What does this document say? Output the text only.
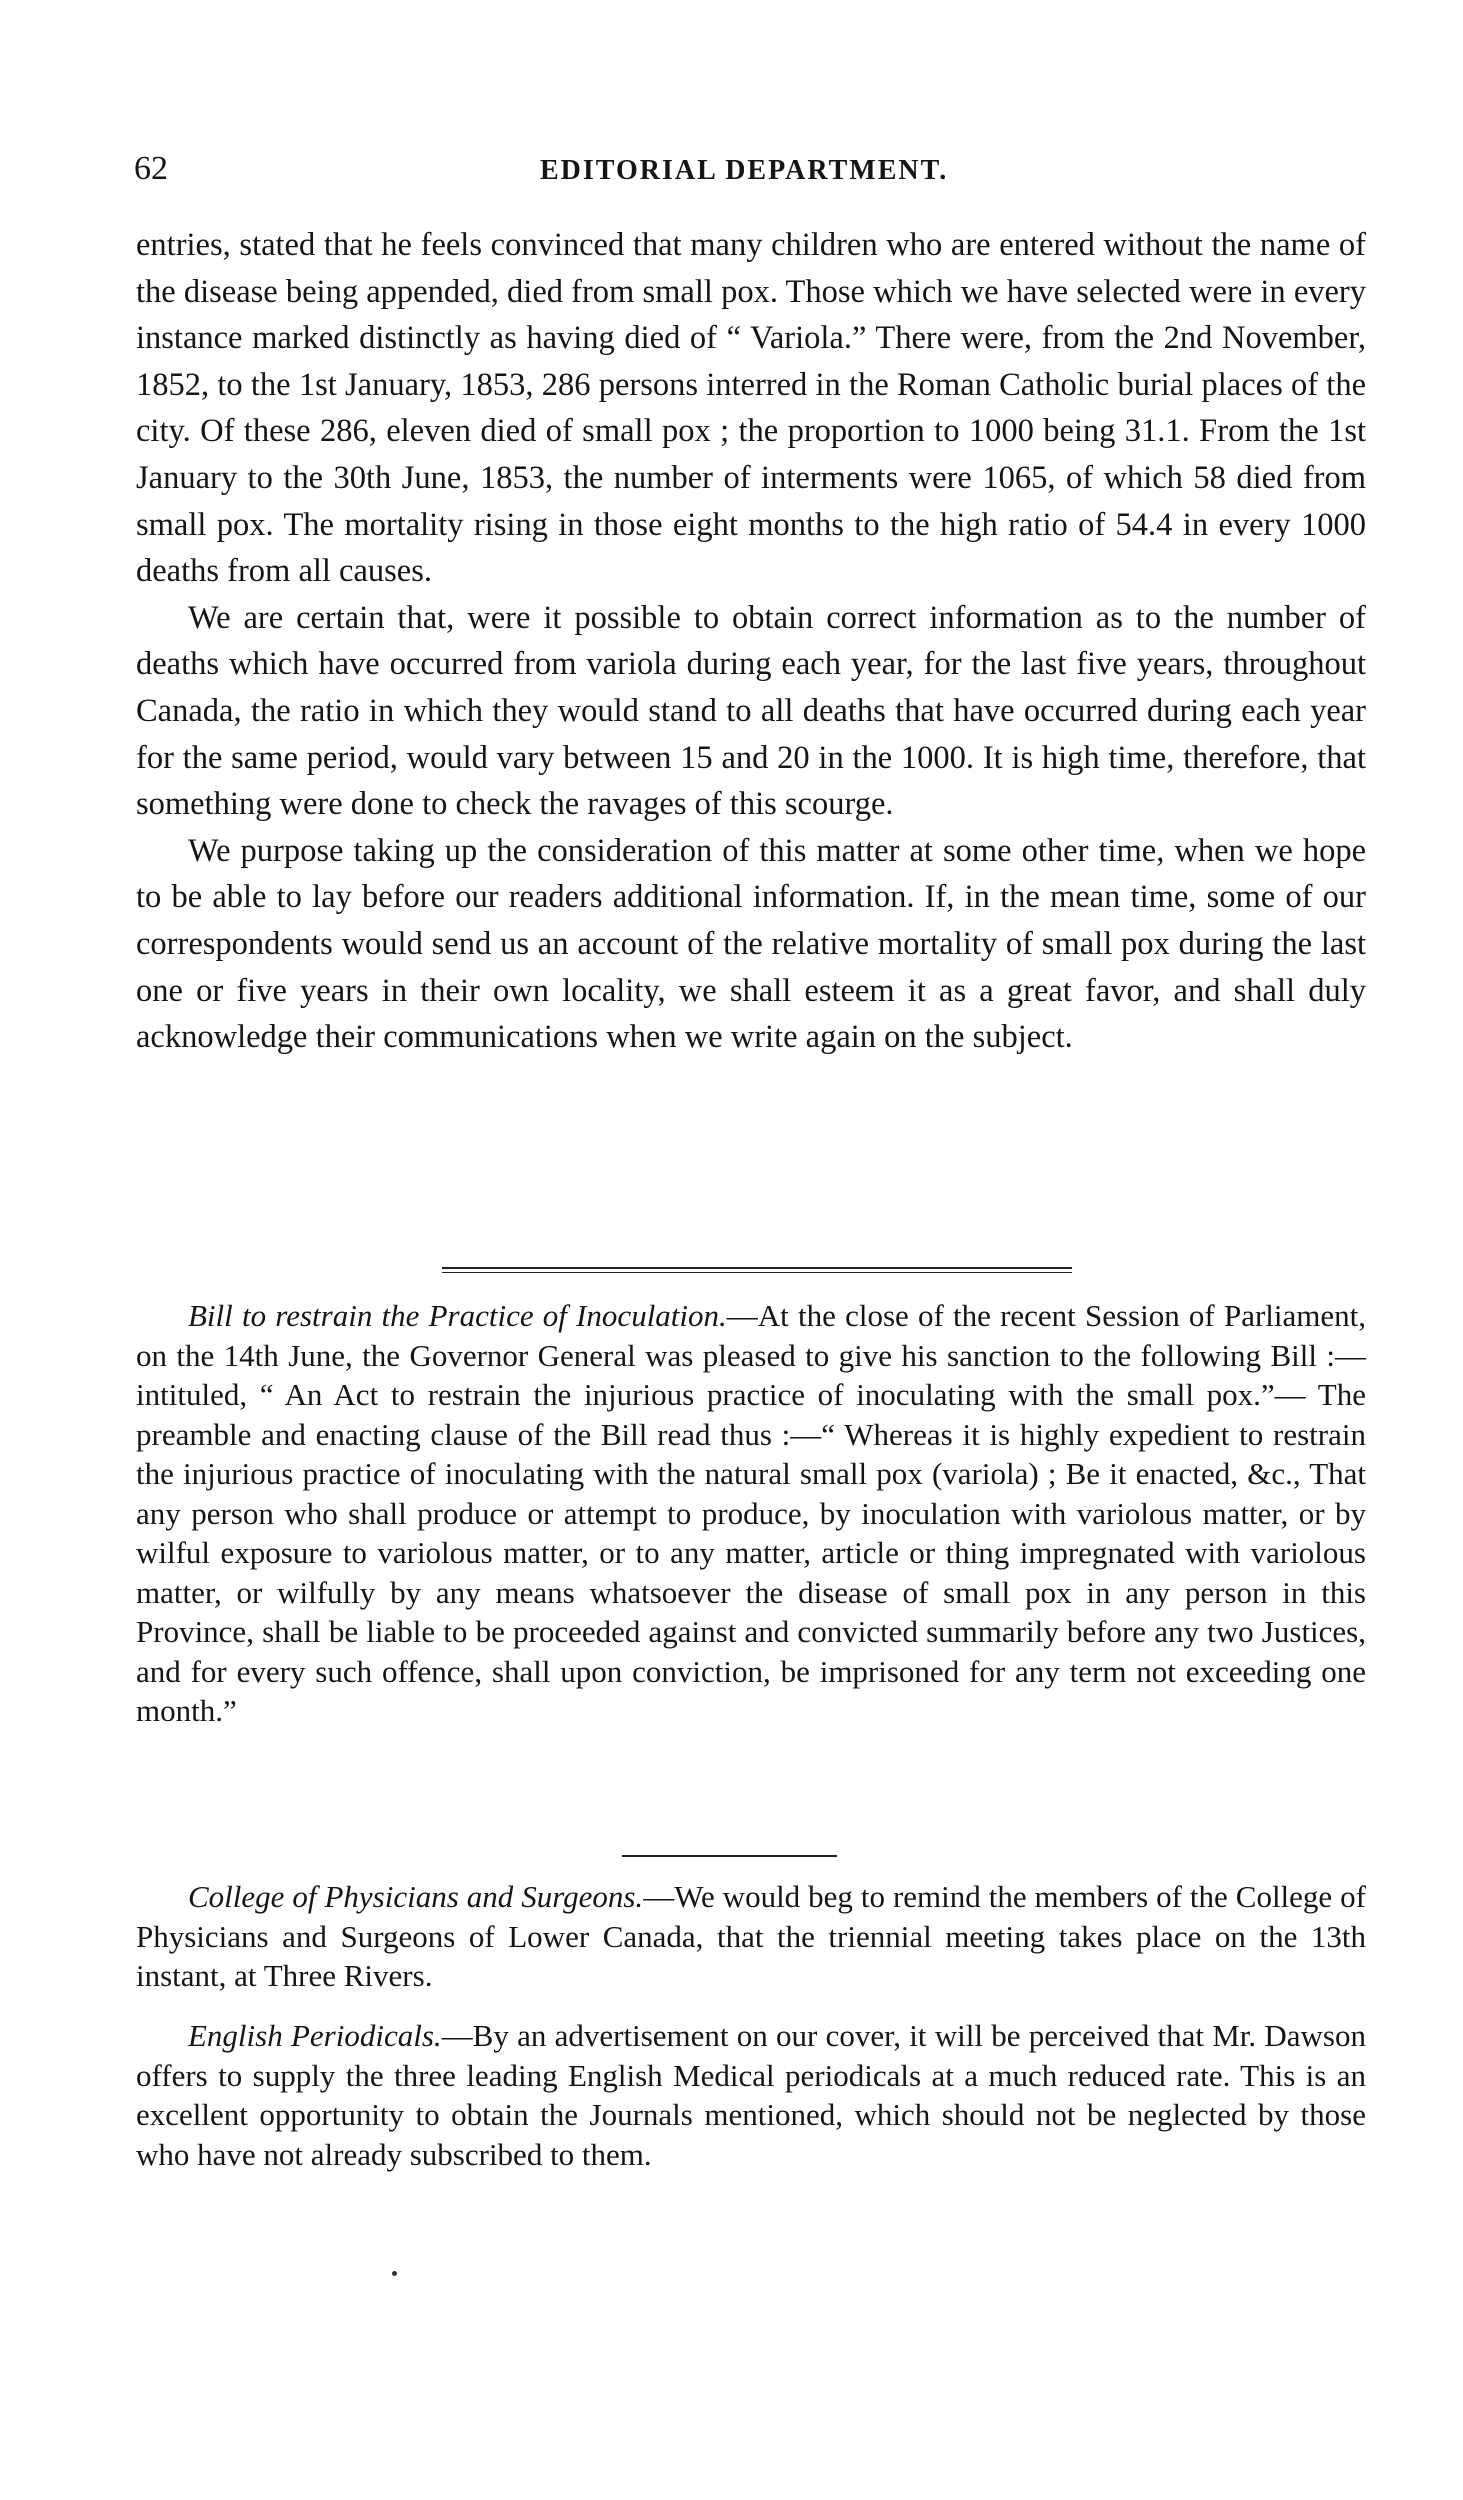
62	EDITORIAL DEPARTMENT.

entries, stated that he feels convinced that many children who are entered without the name of the disease being appended, died from small pox. Those which we have selected were in every instance marked distinctly as having died of “ Variola.” There were, from the 2nd November, 1852, to the 1st January, 1853, 286 persons interred in the Roman Catholic burial places of the city. Of these 286, eleven died of small pox ; the proportion to 1000 being 31.1. From the 1st January to the 30th June, 1853, the number of interments were 1065, of which 58 died from small pox. The mortality rising in those eight months to the high ratio of 54.4 in every 1000 deaths from all causes.

We are certain that, were it possible to obtain correct information as to the number of deaths which have occurred from variola during each year, for the last five years, throughout Canada, the ratio in which they would stand to all deaths that have occurred during each year for the same period, would vary between 15 and 20 in the 1000. It is high time, therefore, that something were done to check the ravages of this scourge.

We purpose taking up the consideration of this matter at some other time, when we hope to be able to lay before our readers additional information. If, in the mean time, some of our correspondents would send us an account of the relative mortality of small pox during the last one or five years in their own locality, we shall esteem it as a great favor, and shall duly acknowledge their communications when we write again on the subject.

Bill to restrain the Practice of Inoculation.—At the close of the recent Session of Parliament, on the 14th June, the Governor General was pleased to give his sanction to the following Bill :—intituled, “ An Act to restrain the injurious practice of inoculating with the small pox.”— The preamble and enacting clause of the Bill read thus :—“ Whereas it is highly expedient to restrain the injurious practice of inoculating with the natural small pox (variola) ; Be it enacted, &c., That any person who shall produce or attempt to produce, by inoculation with variolous matter, or by wilful exposure to variolous matter, or to any matter, article or thing impregnated with variolous matter, or wilfully by any means whatsoever the disease of small pox in any person in this Province, shall be liable to be proceeded against and convicted summarily before any two Justices, and for every such offence, shall upon conviction, be imprisoned for any term not exceeding one month.”

College of Physicians and Surgeons.—We would beg to remind the members of the College of Physicians and Surgeons of Lower Canada, that the triennial meeting takes place on the 13th instant, at Three Rivers.

English Periodicals.—By an advertisement on our cover, it will be perceived that Mr. Dawson offers to supply the three leading English Medical periodicals at a much reduced rate. This is an excellent opportunity to obtain the Journals mentioned, which should not be neglected by those who have not already subscribed to them.
